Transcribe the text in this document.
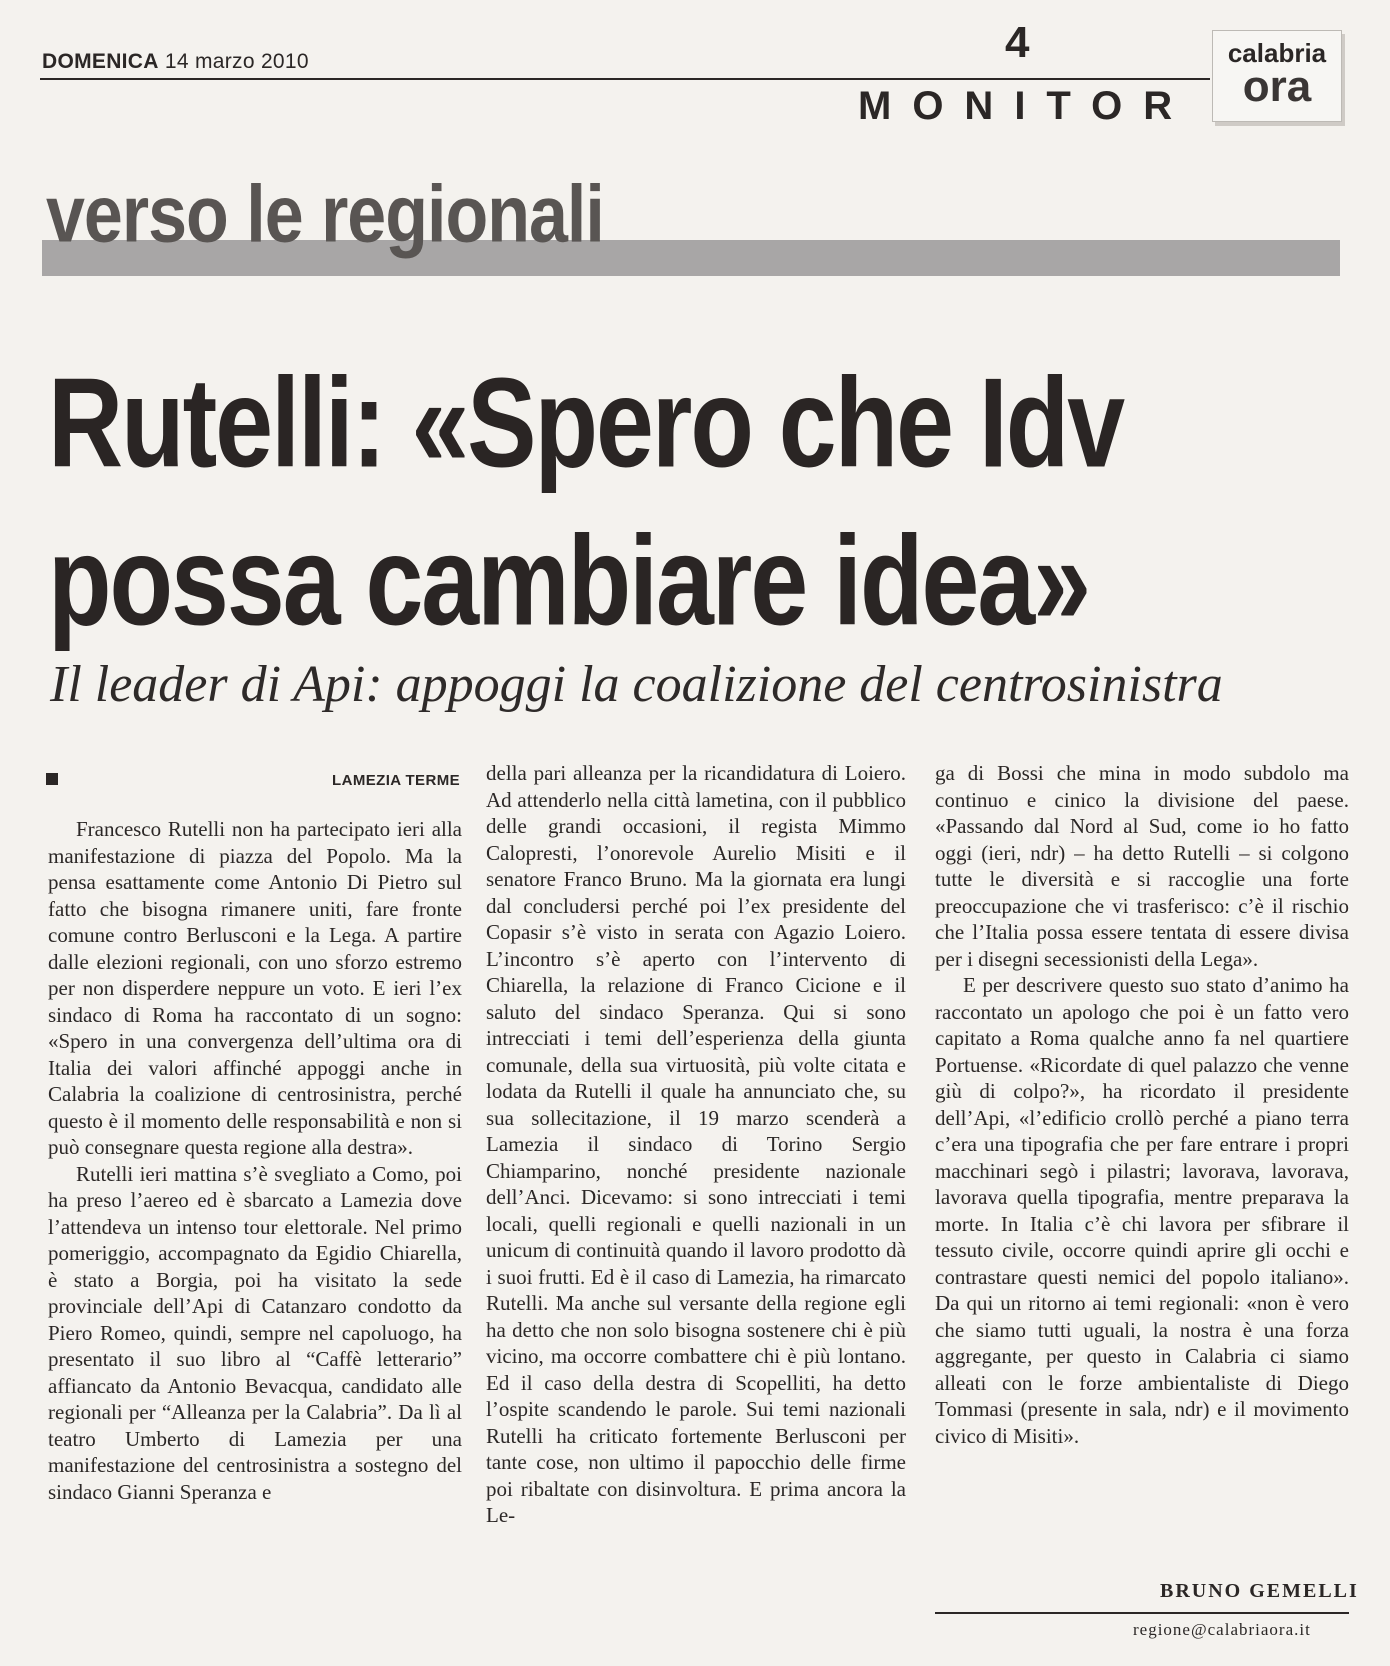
DOMENICA 14 marzo 2010	4
MONITOR
calabria
ora
verso le regionali
Rutelli: «Spero che Idv
possa cambiare idea»
Il leader di Api: appoggi la coalizione del centrosinistra
LAMEZIA TERME

Francesco Rutelli non ha partecipato ieri alla manifestazione di piazza del Popolo. Ma la pensa esattamente come Antonio Di Pietro sul fatto che bisogna rimanere uniti, fare fronte comune contro Berlusconi e la Lega. A partire dalle elezioni regionali, con uno sforzo estremo per non disperdere neppure un voto. E ieri l’ex sindaco di Roma ha raccontato di un sogno: «Spero in una convergenza dell’ultima ora di Italia dei valori affinché appoggi anche in Calabria la coalizione di centrosinistra, perché questo è il momento delle responsabilità e non si può consegnare questa regione alla destra».

Rutelli ieri mattina s’è svegliato a Como, poi ha preso l’aereo ed è sbarcato a Lamezia dove l’attendeva un intenso tour elettorale. Nel primo pomeriggio, accompagnato da Egidio Chiarella, è stato a Borgia, poi ha visitato la sede provinciale dell’Api di Catanzaro condotto da Piero Romeo, quindi, sempre nel capoluogo, ha presentato il suo libro al “Caffè letterario” affiancato da Antonio Bevacqua, candidato alle regionali per “Alleanza per la Calabria”. Da lì al teatro Umberto di Lamezia per una manifestazione del centrosinistra a sostegno del sindaco Gianni Speranza e

della pari alleanza per la ricandidatura di Loiero. Ad attenderlo nella città lametina, con il pubblico delle grandi occasioni, il regista Mimmo Calopresti, l’onorevole Aurelio Misiti e il senatore Franco Bruno. Ma la giornata era lungi dal concludersi perché poi l’ex presidente del Copasir s’è visto in serata con Agazio Loiero. L’incontro s’è aperto con l’intervento di Chiarella, la relazione di Franco Cicione e il saluto del sindaco Speranza. Qui si sono intrecciati i temi dell’esperienza della giunta comunale, della sua virtuosità, più volte citata e lodata da Rutelli il quale ha annunciato che, su sua sollecitazione, il 19 marzo scenderà a Lamezia il sindaco di Torino Sergio Chiamparino, nonché presidente nazionale dell’Anci. Dicevamo: si sono intrecciati i temi locali, quelli regionali e quelli nazionali in un unicum di continuità quando il lavoro prodotto dà i suoi frutti. Ed è il caso di Lamezia, ha rimarcato Rutelli. Ma anche sul versante della regione egli ha detto che non solo bisogna sostenere chi è più vicino, ma occorre combattere chi è più lontano. Ed il caso della destra di Scopelliti, ha detto l’ospite scandendo le parole. Sui temi nazionali Rutelli ha criticato fortemente Berlusconi per tante cose, non ultimo il papocchio delle firme poi ribaltate con disinvoltura. E prima ancora la Le-

ga di Bossi che mina in modo subdolo ma continuo e cinico la divisione del paese. «Passando dal Nord al Sud, come io ho fatto oggi (ieri, ndr) – ha detto Rutelli – si colgono tutte le diversità e si raccoglie una forte preoccupazione che vi trasferisco: c’è il rischio che l’Italia possa essere tentata di essere divisa per i disegni secessionisti della Lega».

E per descrivere questo suo stato d’animo ha raccontato un apologo che poi è un fatto vero capitato a Roma qualche anno fa nel quartiere Portuense. «Ricordate di quel palazzo che venne giù di colpo?», ha ricordato il presidente dell’Api, «l’edificio crollò perché a piano terra c’era una tipografia che per fare entrare i propri macchinari segò i pilastri; lavorava, lavorava, lavorava quella tipografia, mentre preparava la morte. In Italia c’è chi lavora per sfibrare il tessuto civile, occorre quindi aprire gli occhi e contrastare questi nemici del popolo italiano». Da qui un ritorno ai temi regionali: «non è vero che siamo tutti uguali, la nostra è una forza aggregante, per questo in Calabria ci siamo alleati con le forze ambientaliste di Diego Tommasi (presente in sala, ndr) e il movimento civico di Misiti».

BRUNO GEMELLI
regione@calabriaora.it
